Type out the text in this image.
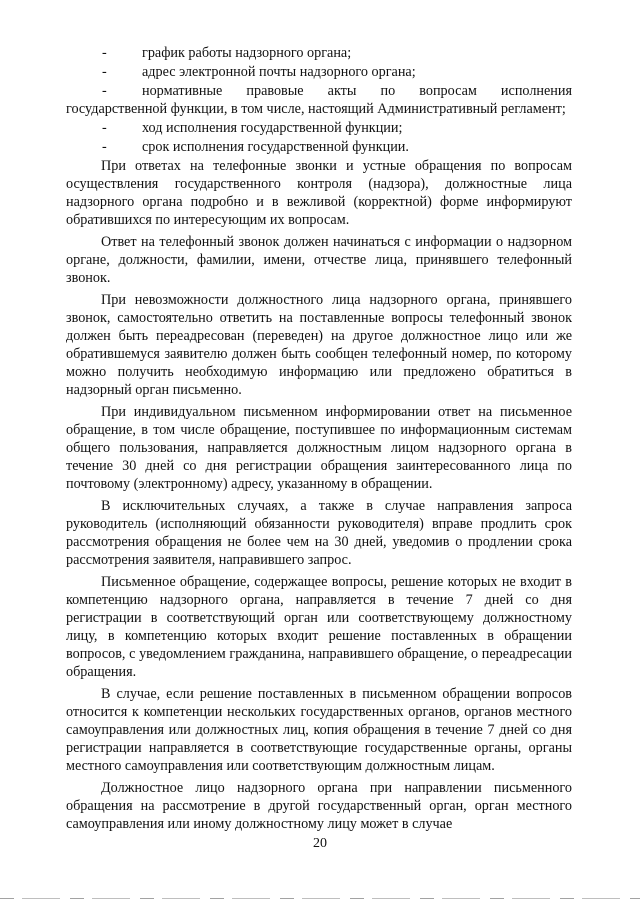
-	график работы надзорного органа;
-	адрес электронной почты надзорного органа;
-	нормативные правовые акты по вопросам исполнения
государственной функции, в том числе, настоящий Административный регламент;
-	ход исполнения государственной функции;
-	срок исполнения государственной функции.

При ответах на телефонные звонки и устные обращения по вопросам осуществления государственного контроля (надзора), должностные лица надзорного органа подробно и в вежливой (корректной) форме информируют обратившихся по интересующим их вопросам.

Ответ на телефонный звонок должен начинаться с информации о надзорном органе, должности, фамилии, имени, отчестве лица, принявшего телефонный звонок.

При невозможности должностного лица надзорного органа, принявшего звонок, самостоятельно ответить на поставленные вопросы телефонный звонок должен быть переадресован (переведен) на другое должностное лицо или же обратившемуся заявителю должен быть сообщен телефонный номер, по которому можно получить необходимую информацию или предложено обратиться в надзорный орган письменно.

При индивидуальном письменном информировании ответ на письменное обращение, в том числе обращение, поступившее по информационным системам общего пользования, направляется должностным лицом надзорного органа в течение 30 дней со дня регистрации обращения заинтересованного лица по почтовому (электронному) адресу, указанному в обращении.

В исключительных случаях, а также в случае направления запроса руководитель (исполняющий обязанности руководителя) вправе продлить срок рассмотрения обращения не более чем на 30 дней, уведомив о продлении срока рассмотрения заявителя, направившего запрос.

Письменное обращение, содержащее вопросы, решение которых не входит в компетенцию надзорного органа, направляется в течение 7 дней со дня регистрации в соответствующий орган или соответствующему должностному лицу, в компетенцию которых входит решение поставленных в обращении вопросов, с уведомлением гражданина, направившего обращение, о переадресации обращения.

В случае, если решение поставленных в письменном обращении вопросов относится к компетенции нескольких государственных органов, органов местного самоуправления или должностных лиц, копия обращения в течение 7 дней со дня регистрации направляется в соответствующие государственные органы, органы местного самоуправления или соответствующим должностным лицам.

Должностное лицо надзорного органа при направлении письменного обращения на рассмотрение в другой государственный орган, орган местного самоуправления или иному должностному лицу может в случае

20
